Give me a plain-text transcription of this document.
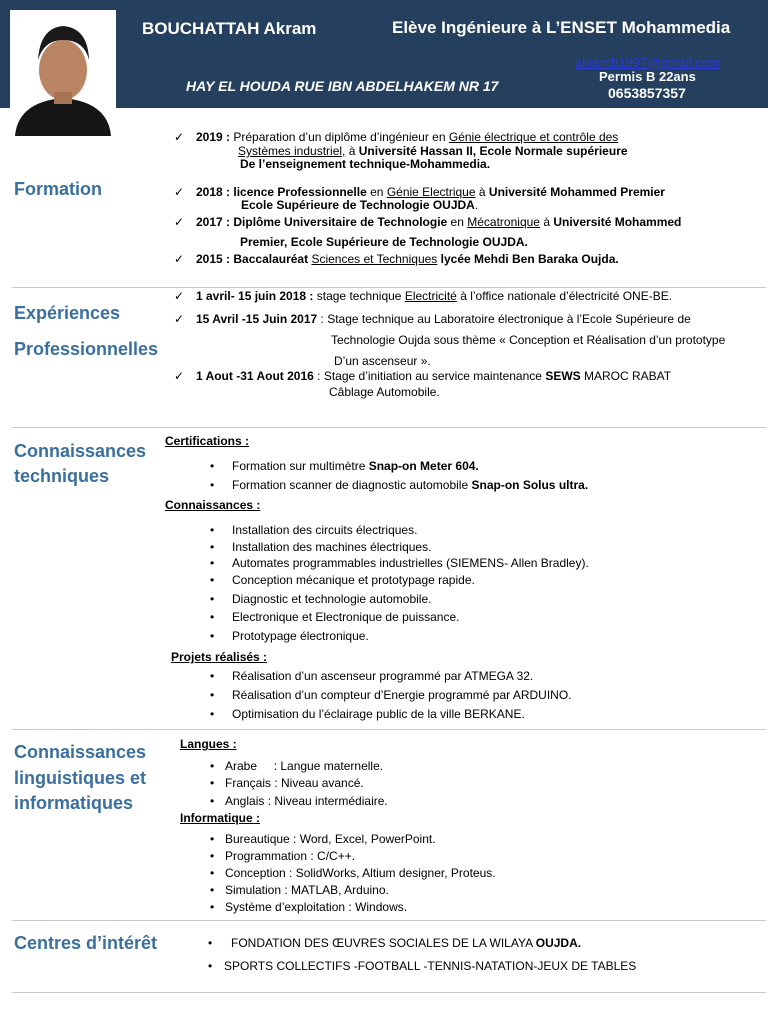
BOUCHATTAH Akram	Elève Ingénieure à L’ENSET Mohammedia
akramb1997@gmail.com
Permis B 22ans
0653857357
HAY EL HOUDA RUE IBN ABDELHAKEM NR 17
Formation
✓ 2019 : Préparation d’un diplôme d’ingénieur en Génie électrique et contrôle des
Systèmes industriel, à Université Hassan II, Ecole Normale supérieure
De l’enseignement technique-Mohammedia.
✓ 2018 : licence Professionnelle en Génie Electrique à Université Mohammed Premier
Ecole Supérieure de Technologie OUJDA.
✓ 2017 : Diplôme Universitaire de Technologie en Mécatronique à Université Mohammed
Premier, Ecole Supérieure de Technologie OUJDA.
✓ 2015 : Baccalauréat Sciences et Techniques lycée Mehdi Ben Baraka Oujda.
Expériences
Professionnelles
✓ 1 avril- 15 juin 2018 : stage technique Electricité à l’office nationale d’électricité ONE-BE.
✓ 15 Avril -15 Juin 2017 : Stage technique au Laboratoire électronique à l’Ecole Supérieure de
Technologie Oujda sous thème « Conception et Réalisation d’un prototype
D’un ascenseur ».
✓ 1 Aout -31 Aout 2016 : Stage d’initiation au service maintenance SEWS MAROC RABAT
Câblage Automobile.
Connaissances
techniques
Certifications :
• Formation sur multimètre Snap-on Meter 604.
• Formation scanner de diagnostic automobile Snap-on Solus ultra.
Connaissances :
• Installation des circuits électriques.
• Installation des machines électriques.
• Automates programmables industrielles (SIEMENS- Allen Bradley).
• Conception mécanique et prototypage rapide.
• Diagnostic et technologie automobile.
• Electronique et Electronique de puissance.
• Prototypage électronique.
Projets réalisés :
• Réalisation d’un ascenseur programmé par ATMEGA 32.
• Réalisation d’un compteur d’Energie programmé par ARDUINO.
• Optimisation du l’éclairage public de la ville BERKANE.
Connaissances
linguistiques et
informatiques
Langues :
• Arabe     : Langue maternelle.
• Français : Niveau avancé.
• Anglais : Niveau intermédiaire.
Informatique :
• Bureautique : Word, Excel, PowerPoint.
• Programmation : C/C++.
• Conception : SolidWorks, Altium designer, Proteus.
• Simulation : MATLAB, Arduino.
• Système d’exploitation : Windows.
Centres d’intérêt	• FONDATION DES ŒUVRES SOCIALES DE LA WILAYA OUJDA.
• SPORTS COLLECTIFS -FOOTBALL -TENNIS-NATATION-JEUX DE TABLES
